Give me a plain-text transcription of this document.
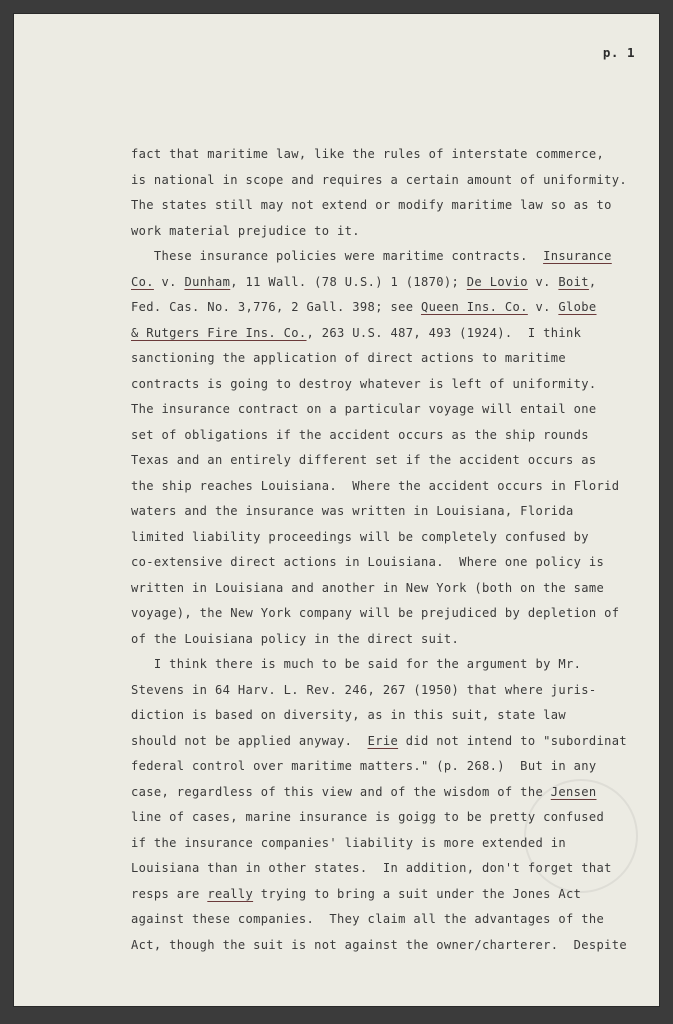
p. 1
fact that maritime law, like the rules of interstate commerce,
is national in scope and requires a certain amount of uniformity.
The states still may not extend or modify maritime law so as to
work material prejudice to it.
These insurance policies were maritime contracts.  Insurance
Co. v. Dunham, 11 Wall. (78 U.S.) 1 (1870); De Lovio v. Boit,
Fed. Cas. No. 3,776, 2 Gall. 398; see Queen Ins. Co. v. Globe
& Rutgers Fire Ins. Co., 263 U.S. 487, 493 (1924).  I think
sanctioning the application of direct actions to maritime
contracts is going to destroy whatever is left of uniformity.
The insurance contract on a particular voyage will entail one
set of obligations if the accident occurs as the ship rounds
Texas and an entirely different set if the accident occurs as
the ship reaches Louisiana.  Where the accident occurs in Florid
waters and the insurance was written in Louisiana, Florida
limited liability proceedings will be completely confused by
co-extensive direct actions in Louisiana.  Where one policy is
written in Louisiana and another in New York (both on the same
voyage), the New York company will be prejudiced by depletion of
of the Louisiana policy in the direct suit.
I think there is much to be said for the argument by Mr.
Stevens in 64 Harv. L. Rev. 246, 267 (1950) that where juris-
diction is based on diversity, as in this suit, state law
should not be applied anyway.  Erie did not intend to "subordinat
federal control over maritime matters." (p. 268.)  But in any
case, regardless of this view and of the wisdom of the Jensen
line of cases, marine insurance is goigg to be pretty confused
if the insurance companies' liability is more extended in
Louisiana than in other states.  In addition, don't forget that
resps are really trying to bring a suit under the Jones Act
against these companies.  They claim all the advantages of the
Act, though the suit is not against the owner/charterer.  Despite
